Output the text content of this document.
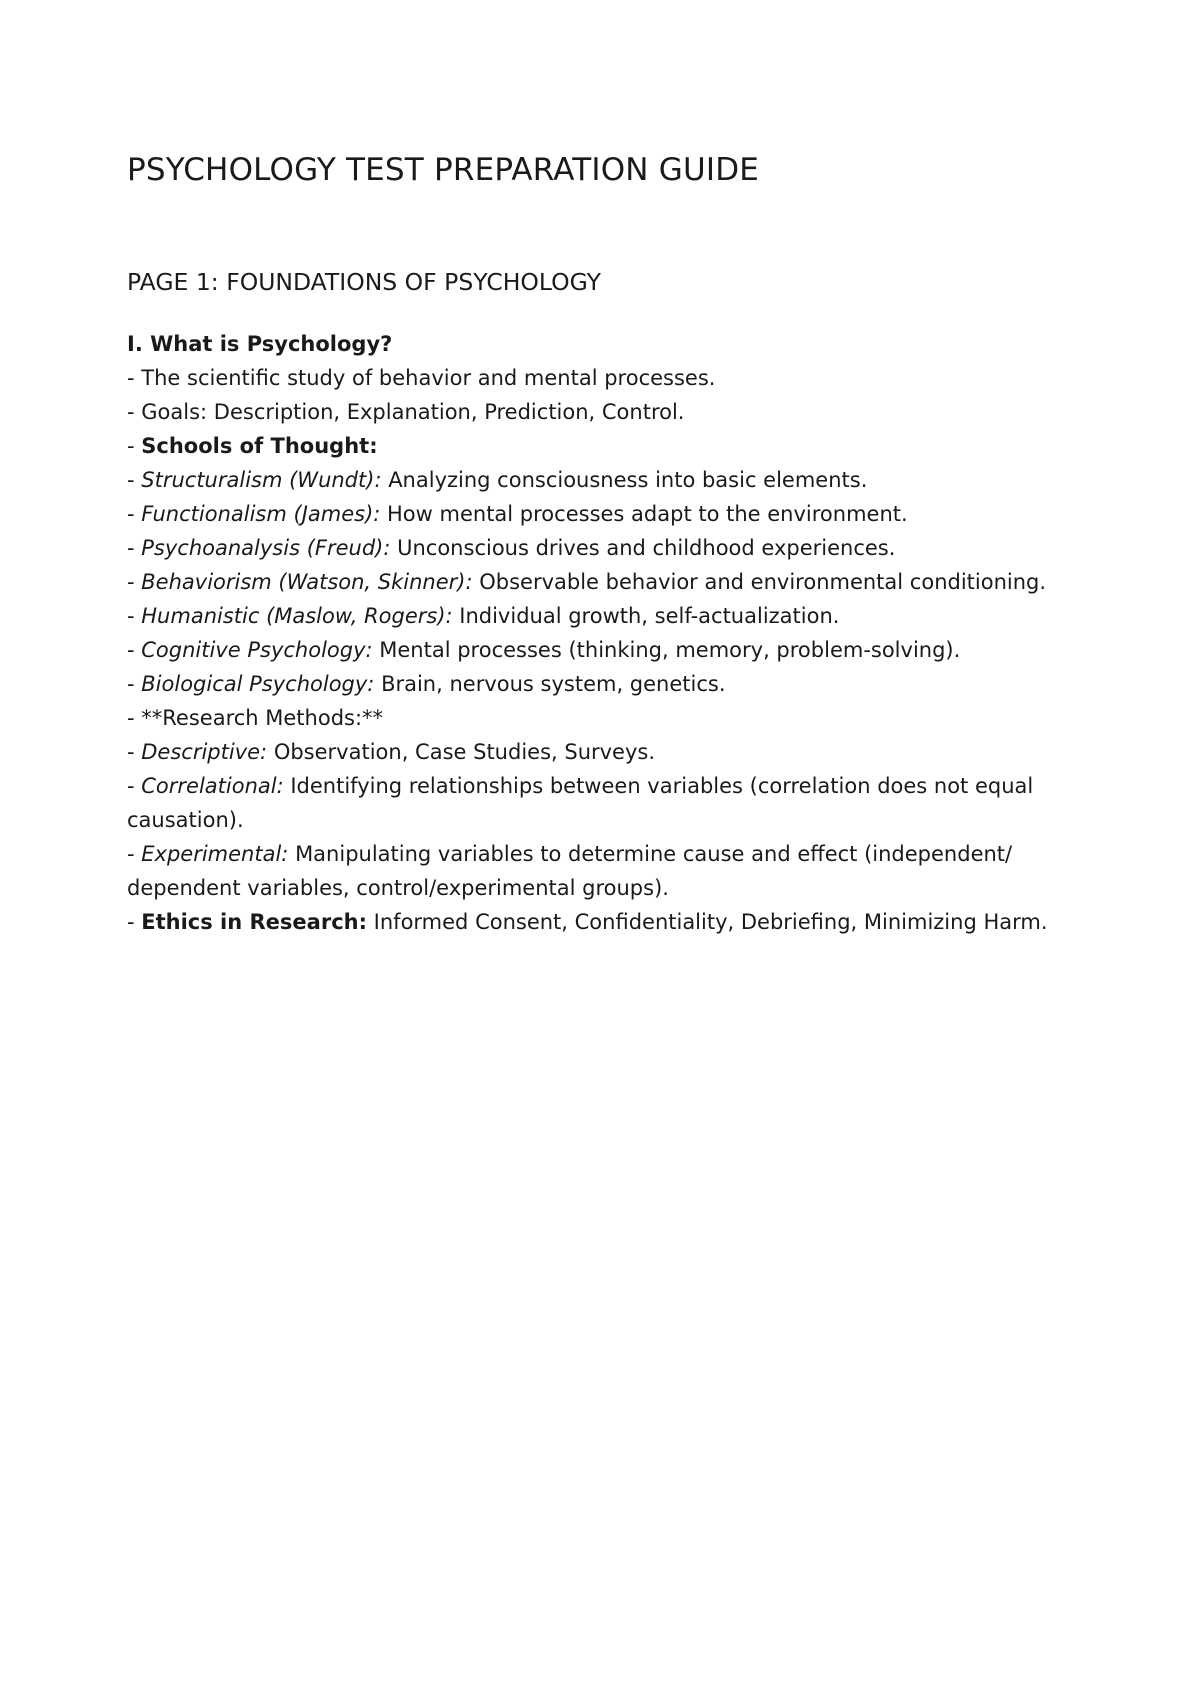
PSYCHOLOGY TEST PREPARATION GUIDE
PAGE 1: FOUNDATIONS OF PSYCHOLOGY
I. What is Psychology?

- The scientific study of behavior and mental processes.

- Goals: Description, Explanation, Prediction, Control.

- Schools of Thought:

- Structuralism (Wundt): Analyzing consciousness into basic elements.

- Functionalism (James): How mental processes adapt to the environment.

- Psychoanalysis (Freud): Unconscious drives and childhood experiences.

- Behaviorism (Watson, Skinner): Observable behavior and environmental conditioning.

- Humanistic (Maslow, Rogers): Individual growth, self-actualization.

- Cognitive Psychology: Mental processes (thinking, memory, problem-solving).

- Biological Psychology: Brain, nervous system, genetics.

- **Research Methods:**

- Descriptive: Observation, Case Studies, Surveys.

- Correlational: Identifying relationships between variables (correlation does not equal causation).

- Experimental: Manipulating variables to determine cause and effect (independent/ dependent variables, control/experimental groups).

- Ethics in Research: Informed Consent, Confidentiality, Debriefing, Minimizing Harm.
